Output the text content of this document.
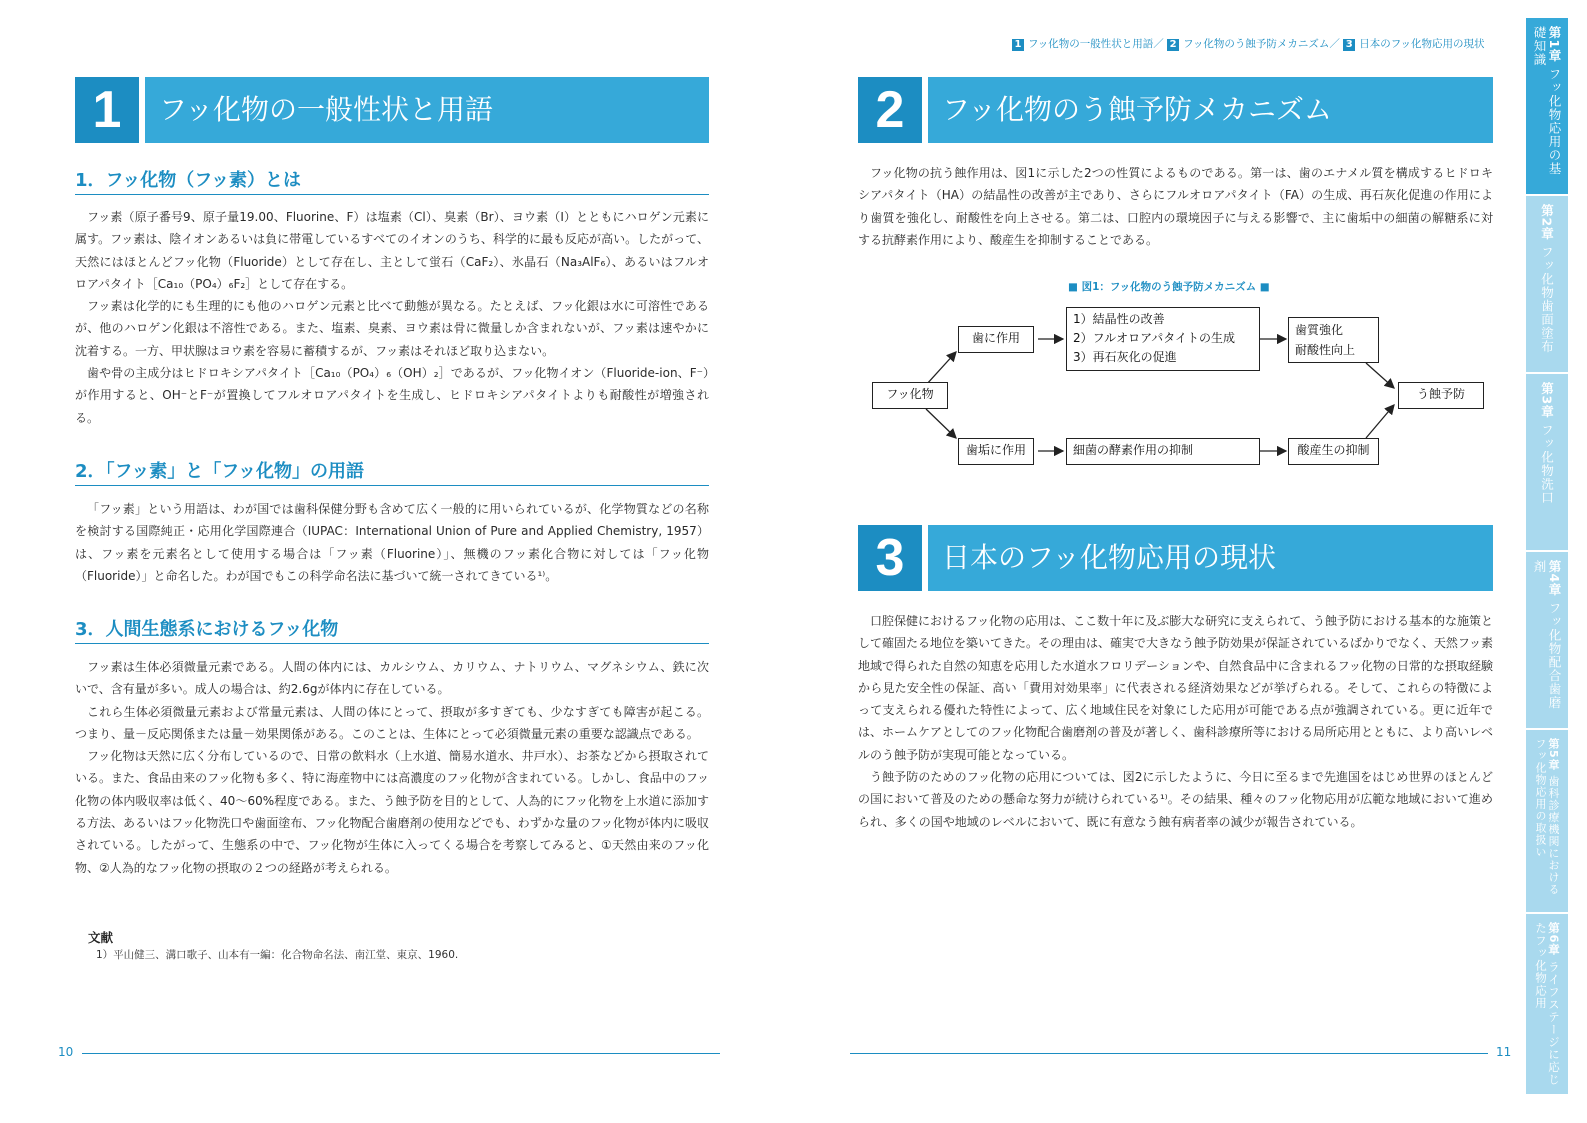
1 フッ化物の一般性状と用語／ 2 フッ化物のう蝕予防メカニズム／ 3 日本のフッ化物応用の現状
1	フッ化物の一般性状と用語
1．フッ化物（フッ素）とは

フッ素（原子番号9、原子量19.00、Fluorine、F）は塩素（Cl）、臭素（Br）、ヨウ素（I）とともにハロゲン元素に属す。フッ素は、陰イオンあるいは負に帯電しているすべてのイオンのうち、科学的に最も反応が高い。したがって、天然にはほとんどフッ化物（Fluoride）として存在し、主として蛍石（CaF₂）、氷晶石（Na₃AlF₆）、あるいはフルオロアパタイト［Ca₁₀（PO₄）₆F₂］として存在する。

フッ素は化学的にも生理的にも他のハロゲン元素と比べて動態が異なる。たとえば、フッ化銀は水に可溶性であるが、他のハロゲン化銀は不溶性である。また、塩素、臭素、ヨウ素は骨に微量しか含まれないが、フッ素は速やかに沈着する。一方、甲状腺はヨウ素を容易に蓄積するが、フッ素はそれほど取り込まない。

歯や骨の主成分はヒドロキシアパタイト［Ca₁₀（PO₄）₆（OH）₂］であるが、フッ化物イオン（Fluoride-ion、F⁻）が作用すると、OH⁻とF⁻が置換してフルオロアパタイトを生成し、ヒドロキシアパタイトよりも耐酸性が増強される。

2．「フッ素」と「フッ化物」の用語

「フッ素」という用語は、わが国では歯科保健分野も含めて広く一般的に用いられているが、化学物質などの名称を検討する国際純正・応用化学国際連合（IUPAC：International Union of Pure and Applied Chemistry, 1957）は、フッ素を元素名として使用する場合は「フッ素（Fluorine）」、無機のフッ素化合物に対しては「フッ化物（Fluoride）」と命名した。わが国でもこの科学命名法に基づいて統一されてきている¹⁾。

3．人間生態系におけるフッ化物

フッ素は生体必須微量元素である。人間の体内には、カルシウム、カリウム、ナトリウム、マグネシウム、鉄に次いで、含有量が多い。成人の場合は、約2.6gが体内に存在している。

これら生体必須微量元素および常量元素は、人間の体にとって、摂取が多すぎても、少なすぎても障害が起こる。つまり、量－反応関係または量－効果関係がある。このことは、生体にとって必須微量元素の重要な認識点である。

フッ化物は天然に広く分布しているので、日常の飲料水（上水道、簡易水道水、井戸水）、お茶などから摂取されている。また、食品由来のフッ化物も多く、特に海産物中には高濃度のフッ化物が含まれている。しかし、食品中のフッ化物の体内吸収率は低く、40～60%程度である。また、う蝕予防を目的として、人為的にフッ化物を上水道に添加する方法、あるいはフッ化物洗口や歯面塗布、フッ化物配合歯磨剤の使用などでも、わずかな量のフッ化物が体内に吸収されている。したがって、生態系の中で、フッ化物が生体に入ってくる場合を考察してみると、①天然由来のフッ化物、②人為的なフッ化物の摂取の２つの経路が考えられる。

文献
1）平山健三、溝口歌子、山本有一編：化合物命名法、南江堂、東京、1960.
10
2	フッ化物のう蝕予防メカニズム

フッ化物の抗う蝕作用は、図1に示した2つの性質によるものである。第一は、歯のエナメル質を構成するヒドロキシアパタイト（HA）の結晶性の改善が主であり、さらにフルオロアパタイト（FA）の生成、再石灰化促進の作用により歯質を強化し、耐酸性を向上させる。第二は、口腔内の環境因子に与える影響で、主に歯垢中の細菌の解糖系に対する抗酵素作用により、酸産生を抑制することである。

■ 図1：フッ化物のう蝕予防メカニズム ■
フッ化物
歯に作用
1）結晶性の改善
2）フルオロアパタイトの生成
3）再石灰化の促進
歯質強化
耐酸性向上
う蝕予防
歯垢に作用	細菌の酵素作用の抑制	酸産生の抑制
3	日本のフッ化物応用の現状

口腔保健におけるフッ化物の応用は、ここ数十年に及ぶ膨大な研究に支えられて、う蝕予防における基本的な施策として確固たる地位を築いてきた。その理由は、確実で大きなう蝕予防効果が保証されているばかりでなく、天然フッ素地域で得られた自然の知恵を応用した水道水フロリデーションや、自然食品中に含まれるフッ化物の日常的な摂取経験から見た安全性の保証、高い「費用対効果率」に代表される経済効果などが挙げられる。そして、これらの特徴によって支えられる優れた特性によって、広く地域住民を対象にした応用が可能である点が強調されている。更に近年では、ホームケアとしてのフッ化物配合歯磨剤の普及が著しく、歯科診療所等における局所応用とともに、より高いレベルのう蝕予防が実現可能となっている。

う蝕予防のためのフッ化物の応用については、図2に示したように、今日に至るまで先進国をはじめ世界のほとんどの国において普及のための懸命な努力が続けられている¹⁾。その結果、種々のフッ化物応用が広範な地域において進められ、多くの国や地域のレベルにおいて、既に有意なう蝕有病者率の減少が報告されている。

11
第1章 フッ化物応用の基礎知識
第2章 フッ化物歯面塗布
第3章 フッ化物洗口
第4章 フッ化物配合歯磨剤
第5章 歯科診療機関におけるフッ化物応用の取扱い
第6章 ライフステージに応じたフッ化物応用
